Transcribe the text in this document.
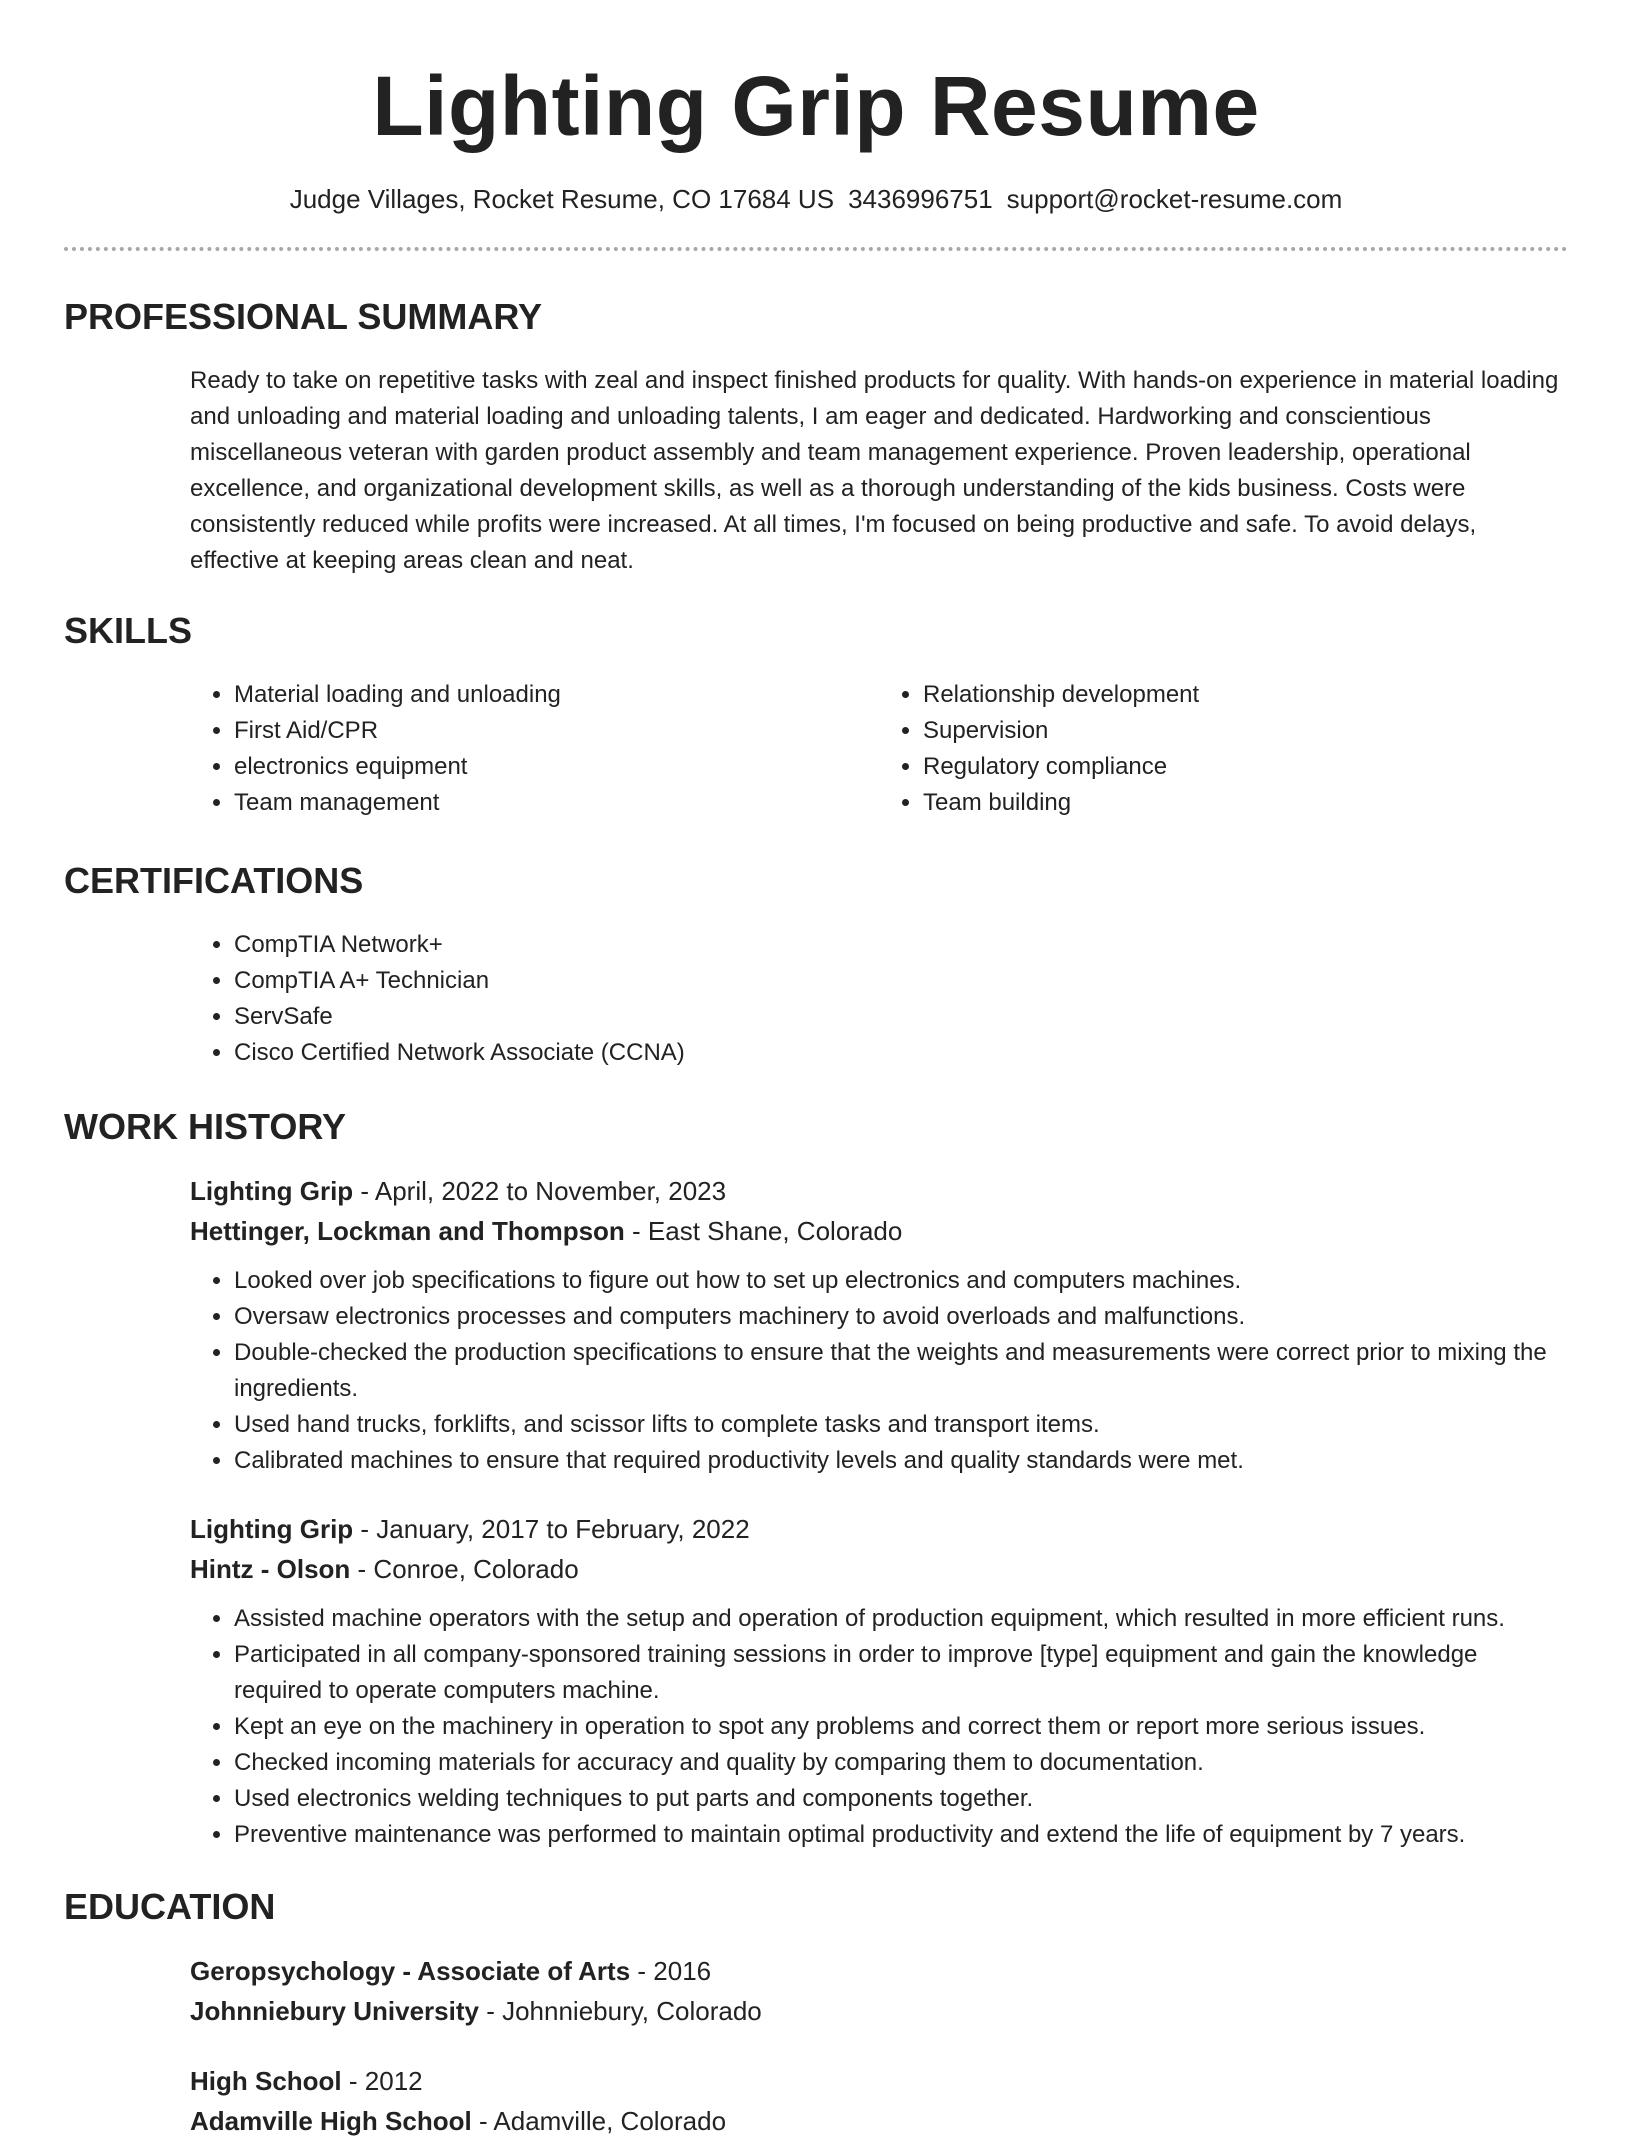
Lighting Grip Resume
Judge Villages, Rocket Resume, CO 17684 US 3436996751 support@rocket-resume.com
PROFESSIONAL SUMMARY
Ready to take on repetitive tasks with zeal and inspect finished products for quality. With hands-on experience in material loading and unloading and material loading and unloading talents, I am eager and dedicated. Hardworking and conscientious miscellaneous veteran with garden product assembly and team management experience. Proven leadership, operational excellence, and organizational development skills, as well as a thorough understanding of the kids business. Costs were consistently reduced while profits were increased. At all times, I'm focused on being productive and safe. To avoid delays, effective at keeping areas clean and neat.
SKILLS
• Material loading and unloading
• First Aid/CPR
• electronics equipment
• Team management
• Relationship development
• Supervision
• Regulatory compliance
• Team building
CERTIFICATIONS
• CompTIA Network+
• CompTIA A+ Technician
• ServSafe
• Cisco Certified Network Associate (CCNA)
WORK HISTORY
Lighting Grip - April, 2022 to November, 2023
Hettinger, Lockman and Thompson - East Shane, Colorado
• Looked over job specifications to figure out how to set up electronics and computers machines.
• Oversaw electronics processes and computers machinery to avoid overloads and malfunctions.
• Double-checked the production specifications to ensure that the weights and measurements were correct prior to mixing the ingredients.
• Used hand trucks, forklifts, and scissor lifts to complete tasks and transport items.
• Calibrated machines to ensure that required productivity levels and quality standards were met.
Lighting Grip - January, 2017 to February, 2022
Hintz - Olson - Conroe, Colorado
• Assisted machine operators with the setup and operation of production equipment, which resulted in more efficient runs.
• Participated in all company-sponsored training sessions in order to improve [type] equipment and gain the knowledge required to operate computers machine.
• Kept an eye on the machinery in operation to spot any problems and correct them or report more serious issues.
• Checked incoming materials for accuracy and quality by comparing them to documentation.
• Used electronics welding techniques to put parts and components together.
• Preventive maintenance was performed to maintain optimal productivity and extend the life of equipment by 7 years.
EDUCATION
Geropsychology - Associate of Arts - 2016
Johnniebury University - Johnniebury, Colorado
High School - 2012
Adamville High School - Adamville, Colorado
